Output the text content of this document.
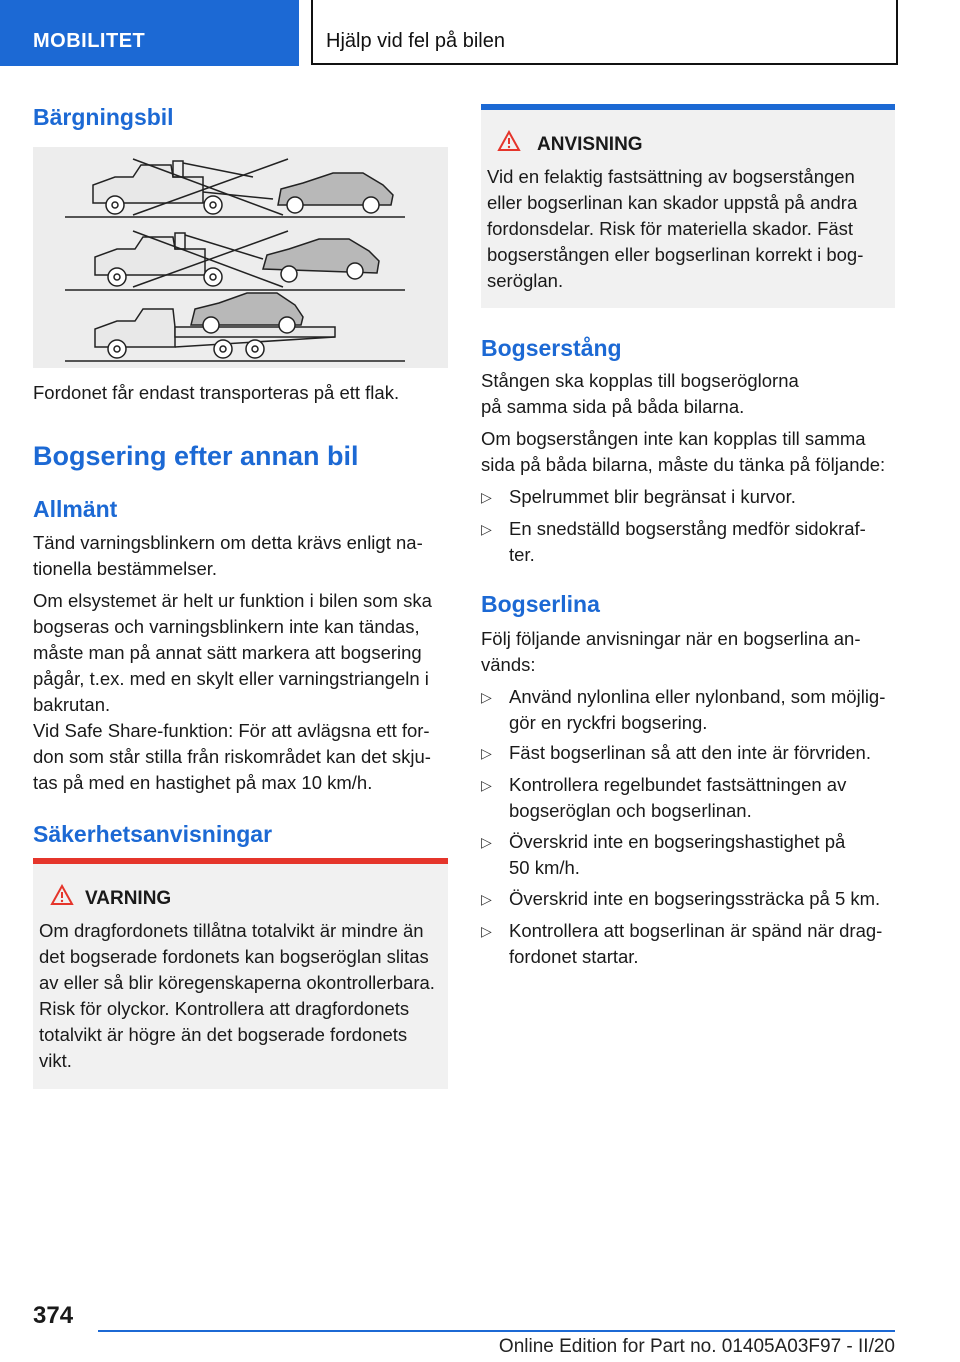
MOBILITET	Hjälp vid fel på bilen
Bärgningsbil

Fordonet får endast transporteras på ett flak.

Bogsering efter annan bil
Allmänt
Tänd varningsblinkern om detta krävs enligt na-
tionella bestämmelser.
Om elsystemet är helt ur funktion i bilen som ska
bogseras och varningsblinkern inte kan tändas,
måste man på annat sätt markera att bogsering
pågår, t.ex. med en skylt eller varningstriangeln i
bakrutan.
Vid Safe Share-funktion: För att avlägsna ett for-
don som står stilla från riskområdet kan det skju-
tas på med en hastighet på max 10 km/h.
Säkerhetsanvisningar
VARNING
Om dragfordonets tillåtna totalvikt är mindre än
det bogserade fordonets kan bogseröglan slitas
av eller så blir köregenskaperna okontrollerbara.
Risk för olyckor. Kontrollera att dragfordonets
totalvikt är högre än det bogserade fordonets
vikt.
ANVISNING
Vid en felaktig fastsättning av bogserstången
eller bogserlinan kan skador uppstå på andra
fordonsdelar. Risk för materiella skador. Fäst
bogserstången eller bogserlinan korrekt i bog-
seröglan.
Bogserstång
Stången ska kopplas till bogseröglorna
på samma sida på båda bilarna.
Om bogserstången inte kan kopplas till samma
sida på båda bilarna, måste du tänka på följande:
▷ Spelrummet blir begränsat i kurvor.
▷ En snedställd bogserstång medför sidokraf-
ter.
Bogserlina
Följ följande anvisningar när en bogserlina an-
vänds:
▷ Använd nylonlina eller nylonband, som möjlig-
gör en ryckfri bogsering.
▷ Fäst bogserlinan så att den inte är förvriden.
▷ Kontrollera regelbundet fastsättningen av
bogseröglan och bogserlinan.
▷ Överskrid inte en bogseringshastighet på
50 km/h.
▷ Överskrid inte en bogseringssträcka på 5 km.
▷ Kontrollera att bogserlinan är spänd när drag-
fordonet startar.
374
Online Edition for Part no. 01405A03F97 - II/20
